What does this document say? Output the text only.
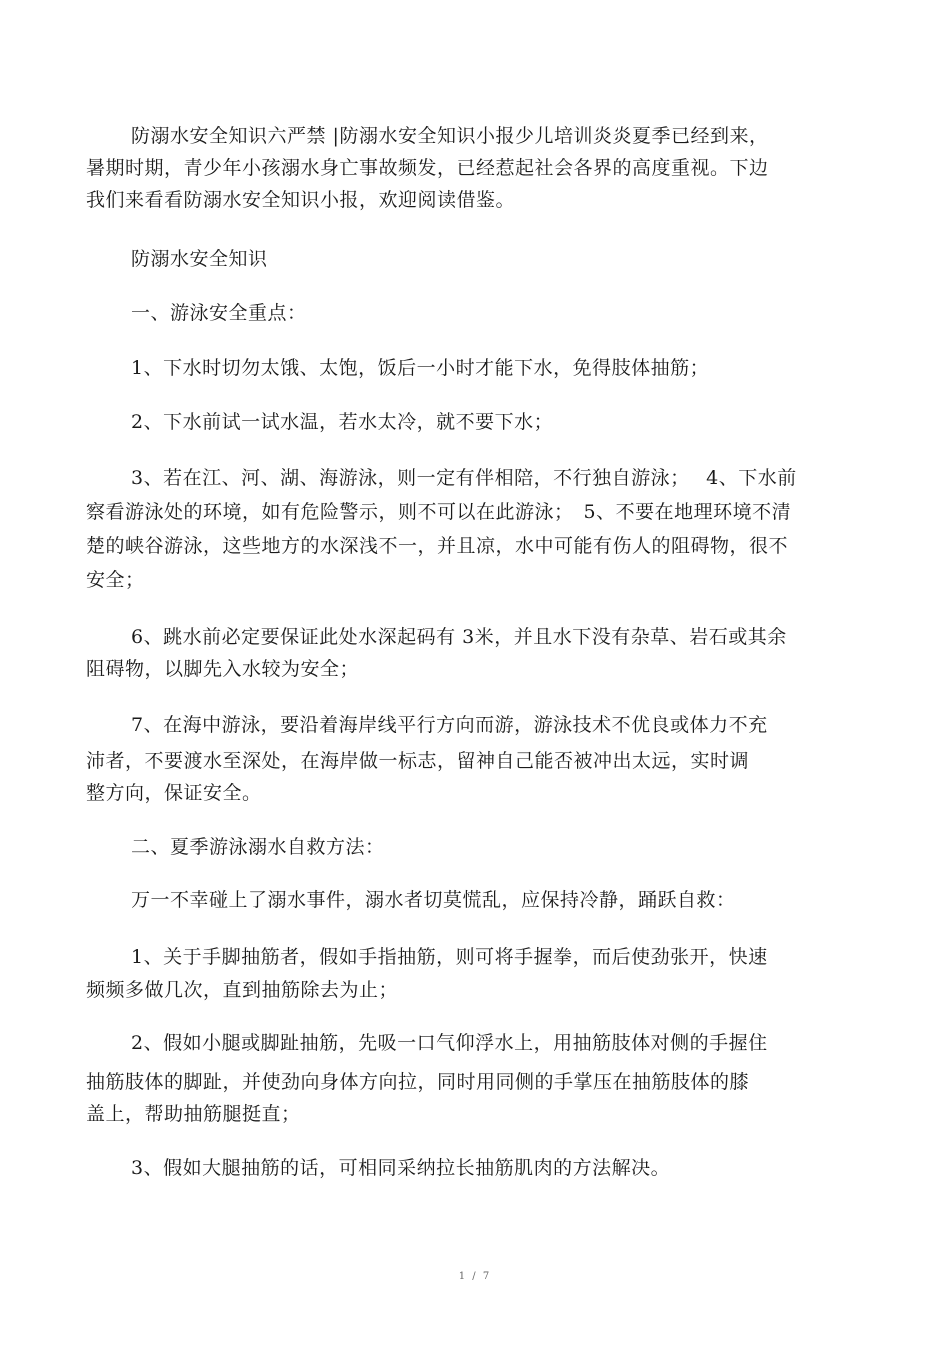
防溺水安全知识六严禁 |防溺水安全知识小报少儿培训炎炎夏季已经到来，
暑期时期，青少年小孩溺水身亡事故频发，已经惹起社会各界的高度重视。下边
我们来看看防溺水安全知识小报，欢迎阅读借鉴。
防溺水安全知识
一、游泳安全重点：
1、下水时切勿太饿、太饱，饭后一小时才能下水，免得肢体抽筋；
2、下水前试一试水温，若水太冷，就不要下水；
3、若在江、河、湖、海游泳，则一定有伴相陪，不行独自游泳；　 4、下水前
察看游泳处的环境，如有危险警示，则不可以在此游泳；　5、不要在地理环境不清
楚的峡谷游泳，这些地方的水深浅不一，并且凉，水中可能有伤人的阻碍物，很不
安全；
6、跳水前必定要保证此处水深起码有 3米，并且水下没有杂草、岩石或其余
阻碍物，以脚先入水较为安全；
7、在海中游泳，要沿着海岸线平行方向而游，游泳技术不优良或体力不充
沛者，不要渡水至深处，在海岸做一标志，留神自己能否被冲出太远，实时调
整方向，保证安全。
二、夏季游泳溺水自救方法：
万一不幸碰上了溺水事件，溺水者切莫慌乱，应保持冷静，踊跃自救：
1、关于手脚抽筋者，假如手指抽筋，则可将手握拳，而后使劲张开，快速
频频多做几次，直到抽筋除去为止；
2、假如小腿或脚趾抽筋，先吸一口气仰浮水上，用抽筋肢体对侧的手握住
抽筋肢体的脚趾，并使劲向身体方向拉，同时用同侧的手掌压在抽筋肢体的膝
盖上，帮助抽筋腿挺直；
3、假如大腿抽筋的话，可相同采纳拉长抽筋肌肉的方法解决。
1 / 7
